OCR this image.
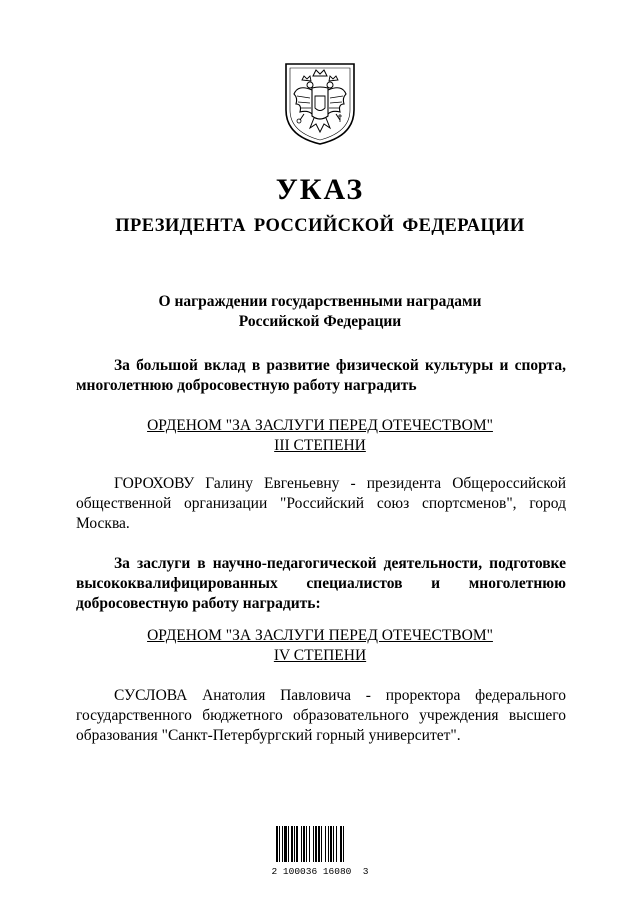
УКАЗ
ПРЕЗИДЕНТА РОССИЙСКОЙ ФЕДЕРАЦИИ
О награждении государственными наградами
Российской Федерации
За большой вклад в развитие физической культуры и спорта, многолетнюю добросовестную работу наградить
ОРДЕНОМ "ЗА ЗАСЛУГИ ПЕРЕД ОТЕЧЕСТВОМ"
III СТЕПЕНИ
ГОРОХОВУ Галину Евгеньевну - президента Общероссийской общественной организации "Российский союз спортсменов", город Москва.
За заслуги в научно-педагогической деятельности, подготовке высококвалифицированных специалистов и многолетнюю добросовестную работу наградить:
ОРДЕНОМ "ЗА ЗАСЛУГИ ПЕРЕД ОТЕЧЕСТВОМ"
IV СТЕПЕНИ
СУСЛОВА Анатолия Павловича - проректора федерального государственного бюджетного образовательного учреждения высшего образования "Санкт-Петербургский горный университет".
2 100036 16080  3
